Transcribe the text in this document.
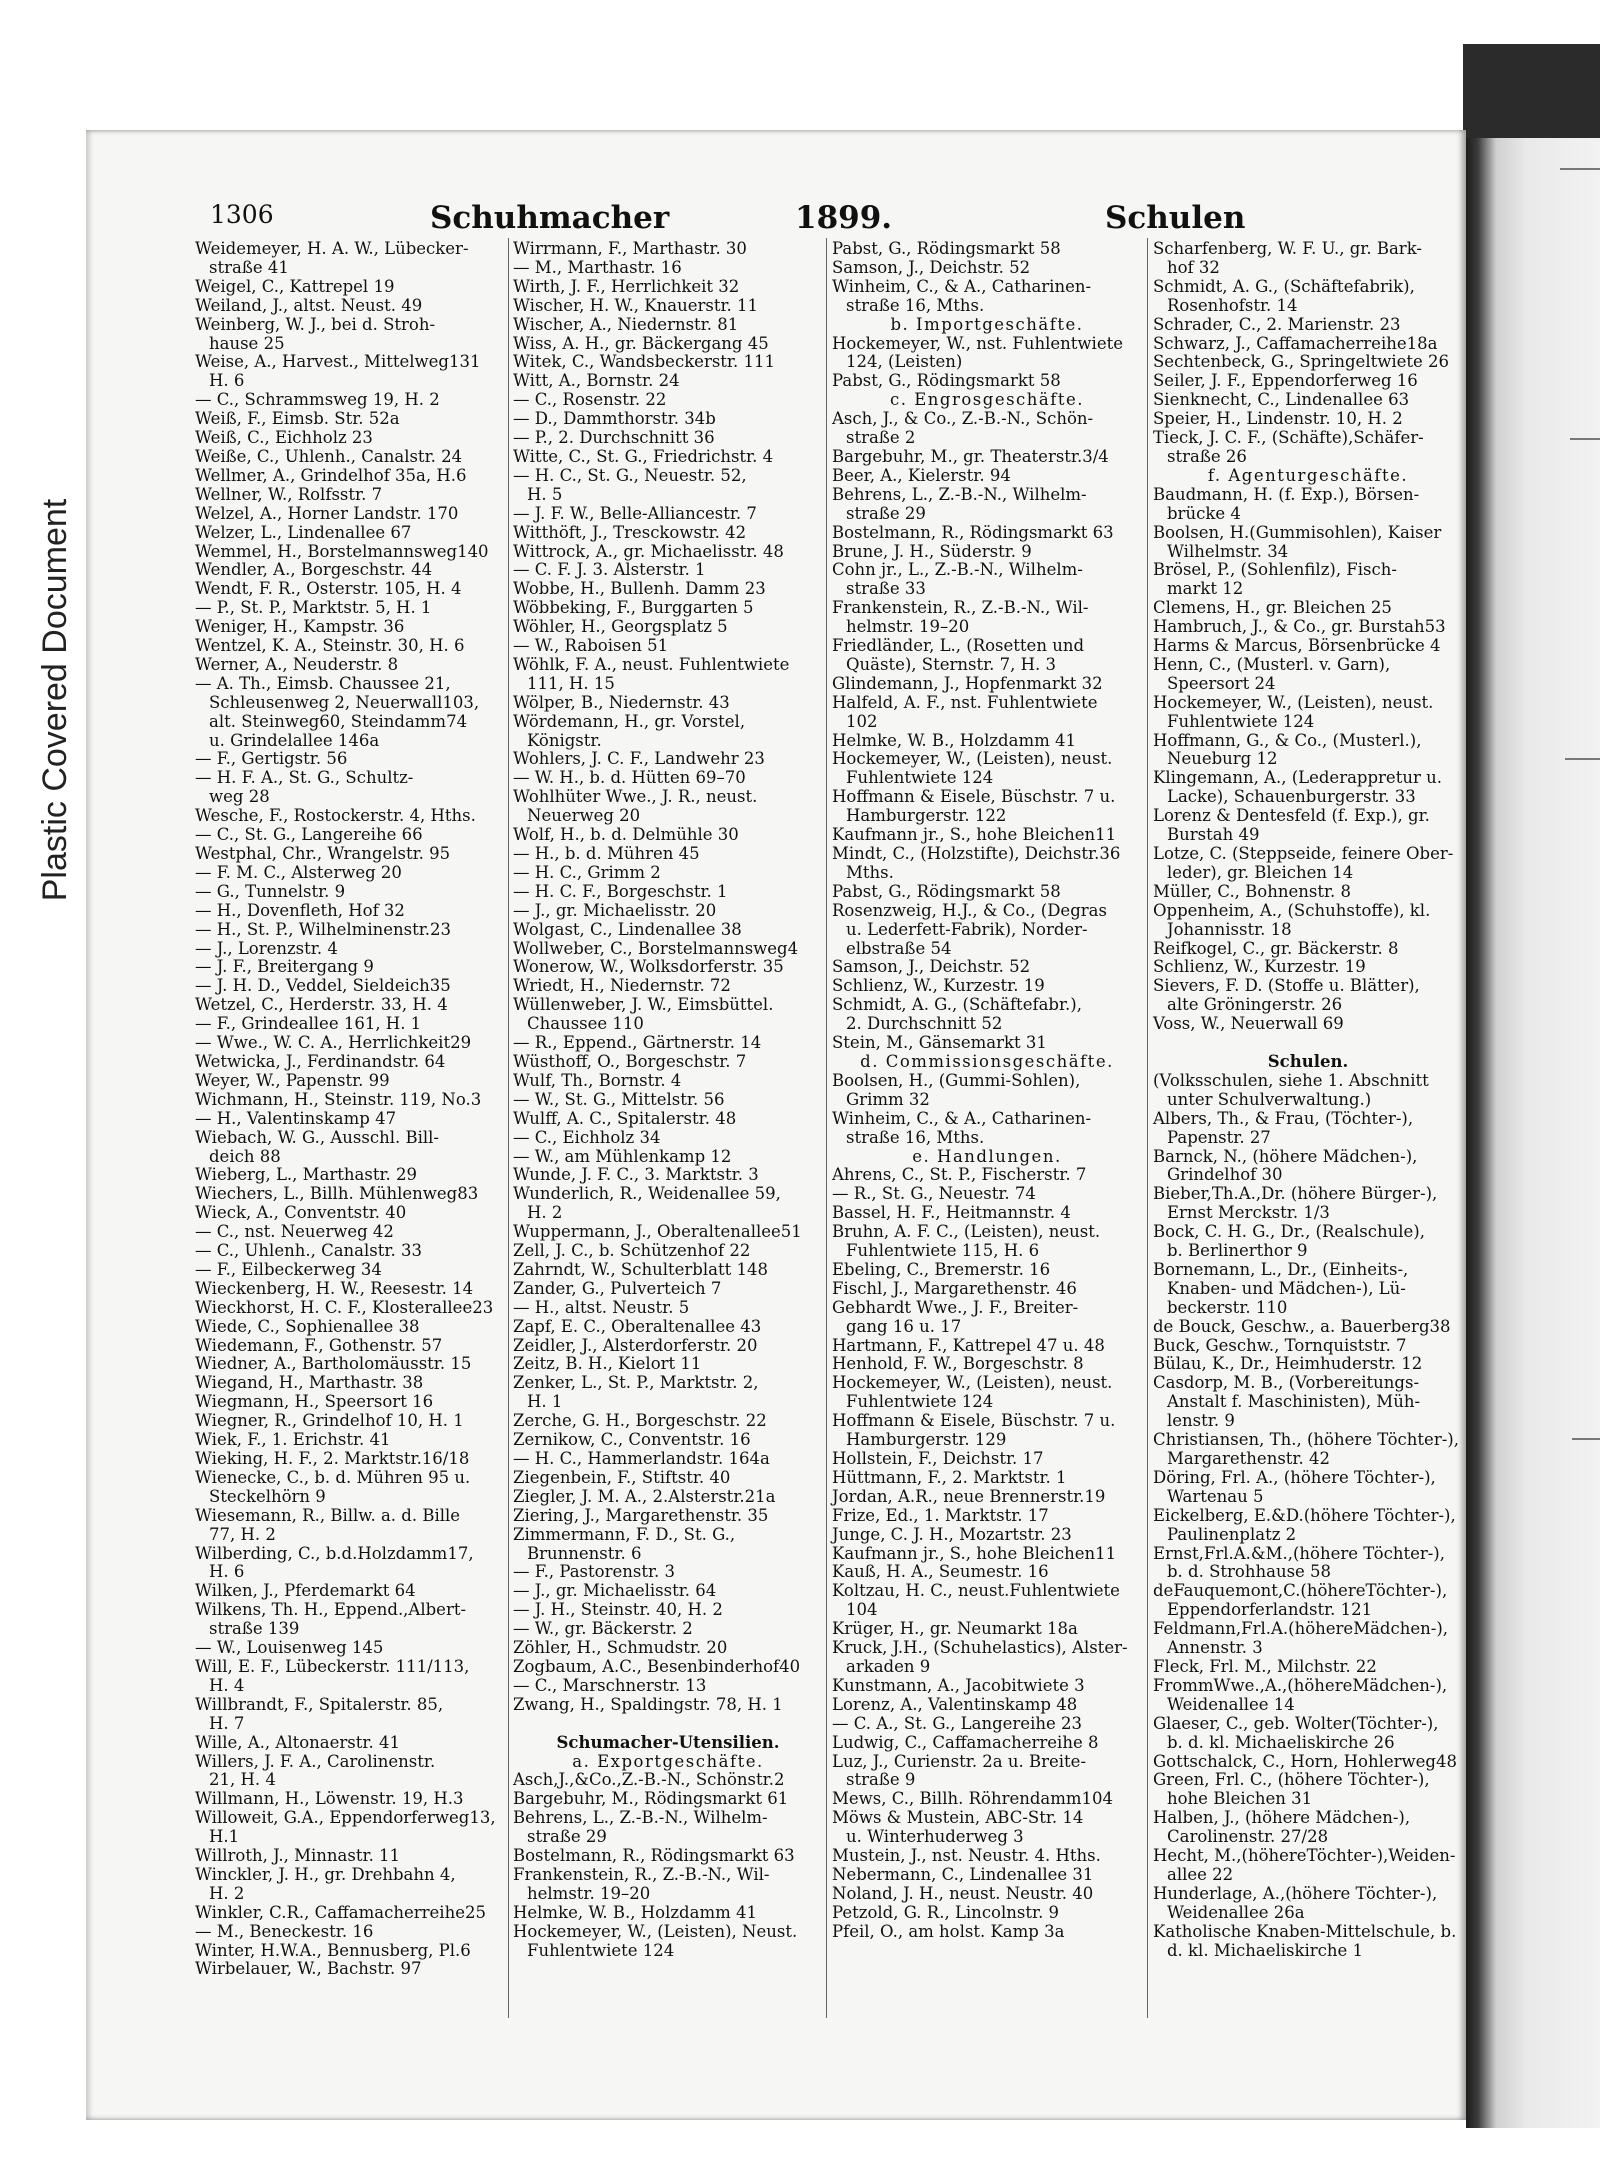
Plastic Covered Document
1306	Schuhmacher	1899.	Schulen
Weidemeyer, H. A. W., Lübecker-
straße 41
Weigel, C., Kattrepel 19
Weiland, J., altst. Neust. 49
Weinberg, W. J., bei d. Stroh-
hause 25
Weise, A., Harvest., Mittelweg131
H. 6
— C., Schrammsweg 19, H. 2
Weiß, F., Eimsb. Str. 52a
Weiß, C., Eichholz 23
Weiße, C., Uhlenh., Canalstr. 24
Wellmer, A., Grindelhof 35a, H.6
Wellner, W., Rolfsstr. 7
Welzel, A., Horner Landstr. 170
Welzer, L., Lindenallee 67
Wemmel, H., Borstelmannsweg140
Wendler, A., Borgeschstr. 44
Wendt, F. R., Osterstr. 105, H. 4
— P., St. P., Marktstr. 5, H. 1
Weniger, H., Kampstr. 36
Wentzel, K. A., Steinstr. 30, H. 6
Werner, A., Neuderstr. 8
— A. Th., Eimsb. Chaussee 21,
Schleusenweg 2, Neuerwall103,
alt. Steinweg60, Steindamm74
u. Grindelallee 146a
— F., Gertigstr. 56
— H. F. A., St. G., Schultz-
weg 28
Wesche, F., Rostockerstr. 4, Hths.
— C., St. G., Langereihe 66
Westphal, Chr., Wrangelstr. 95
— F. M. C., Alsterweg 20
— G., Tunnelstr. 9
— H., Dovenfleth, Hof 32
— H., St. P., Wilhelminenstr.23
— J., Lorenzstr. 4
— J. F., Breitergang 9
— J. H. D., Veddel, Sieldeich35
Wetzel, C., Herderstr. 33, H. 4
— F., Grindeallee 161, H. 1
— Wwe., W. C. A., Herrlichkeit29
Wetwicka, J., Ferdinandstr. 64
Weyer, W., Papenstr. 99
Wichmann, H., Steinstr. 119, No.3
— H., Valentinskamp 47
Wiebach, W. G., Ausschl. Bill-
deich 88
Wieberg, L., Marthastr. 29
Wiechers, L., Billh. Mühlenweg83
Wieck, A., Conventstr. 40
— C., nst. Neuerweg 42
— C., Uhlenh., Canalstr. 33
— F., Eilbeckerweg 34
Wieckenberg, H. W., Reesestr. 14
Wieckhorst, H. C. F., Klosterallee23
Wiede, C., Sophienallee 38
Wiedemann, F., Gothenstr. 57
Wiedner, A., Bartholomäusstr. 15
Wiegand, H., Marthastr. 38
Wiegmann, H., Speersort 16
Wiegner, R., Grindelhof 10, H. 1
Wiek, F., 1. Erichstr. 41
Wieking, H. F., 2. Marktstr.16/18
Wienecke, C., b. d. Mühren 95 u.
Steckelhörn 9
Wiesemann, R., Billw. a. d. Bille
77, H. 2
Wilberding, C., b.d.Holzdamm17,
H. 6
Wilken, J., Pferdemarkt 64
Wilkens, Th. H., Eppend.,Albert-
straße 139
— W., Louisenweg 145
Will, E. F., Lübeckerstr. 111/113,
H. 4
Willbrandt, F., Spitalerstr. 85,
H. 7
Wille, A., Altonaerstr. 41
Willers, J. F. A., Carolinenstr.
21, H. 4
Willmann, H., Löwenstr. 19, H.3
Willoweit, G.A., Eppendorferweg13,
H.1
Willroth, J., Minnastr. 11
Winckler, J. H., gr. Drehbahn 4,
H. 2
Winkler, C.R., Caffamacherreihe25
— M., Beneckestr. 16
Winter, H.W.A., Bennusberg, Pl.6
Wirbelauer, W., Bachstr. 97
Wirrmann, F., Marthastr. 30
— M., Marthastr. 16
Wirth, J. F., Herrlichkeit 32
Wischer, H. W., Knauerstr. 11
Wischer, A., Niedernstr. 81
Wiss, A. H., gr. Bäckergang 45
Witek, C., Wandsbeckerstr. 111
Witt, A., Bornstr. 24
— C., Rosenstr. 22
— D., Dammthorstr. 34b
— P., 2. Durchschnitt 36
Witte, C., St. G., Friedrichstr. 4
— H. C., St. G., Neuestr. 52,
H. 5
— J. F. W., Belle-Alliancestr. 7
Witthöft, J., Tresckowstr. 42
Wittrock, A., gr. Michaelisstr. 48
— C. F. J. 3. Alsterstr. 1
Wobbe, H., Bullenh. Damm 23
Wöbbeking, F., Burggarten 5
Wöhler, H., Georgsplatz 5
— W., Raboisen 51
Wöhlk, F. A., neust. Fuhlentwiete
111, H. 15
Wölper, B., Niedernstr. 43
Wördemann, H., gr. Vorstel,
Königstr.
Wohlers, J. C. F., Landwehr 23
— W. H., b. d. Hütten 69–70
Wohlhüter Wwe., J. R., neust.
Neuerweg 20
Wolf, H., b. d. Delmühle 30
— H., b. d. Mühren 45
— H. C., Grimm 2
— H. C. F., Borgeschstr. 1
— J., gr. Michaelisstr. 20
Wolgast, C., Lindenallee 38
Wollweber, C., Borstelmannsweg4
Wonerow, W., Wolksdorferstr. 35
Wriedt, H., Niedernstr. 72
Wüllenweber, J. W., Eimsbüttel.
Chaussee 110
— R., Eppend., Gärtnerstr. 14
Wüsthoff, O., Borgeschstr. 7
Wulf, Th., Bornstr. 4
— W., St. G., Mittelstr. 56
Wulff, A. C., Spitalerstr. 48
— C., Eichholz 34
— W., am Mühlenkamp 12
Wunde, J. F. C., 3. Marktstr. 3
Wunderlich, R., Weidenallee 59,
H. 2
Wuppermann, J., Oberaltenallee51
Zell, J. C., b. Schützenhof 22
Zahrndt, W., Schulterblatt 148
Zander, G., Pulverteich 7
— H., altst. Neustr. 5
Zapf, E. C., Oberaltenallee 43
Zeidler, J., Alsterdorferstr. 20
Zeitz, B. H., Kielort 11
Zenker, L., St. P., Marktstr. 2,
H. 1
Zerche, G. H., Borgeschstr. 22
Zernikow, C., Conventstr. 16
— H. C., Hammerlandstr. 164a
Ziegenbein, F., Stiftstr. 40
Ziegler, J. M. A., 2.Alsterstr.21a
Ziering, J., Margarethenstr. 35
Zimmermann, F. D., St. G.,
Brunnenstr. 6
— F., Pastorenstr. 3
— J., gr. Michaelisstr. 64
— J. H., Steinstr. 40, H. 2
— W., gr. Bäckerstr. 2
Zöhler, H., Schmudstr. 20
Zogbaum, A.C., Besenbinderhof40
— C., Marschnerstr. 13
Zwang, H., Spaldingstr. 78, H. 1

Schumacher-Utensilien.
a. Exportgeschäfte.
Asch,J.,&Co.,Z.-B.-N., Schönstr.2
Bargebuhr, M., Rödingsmarkt 61
Behrens, L., Z.-B.-N., Wilhelm-
straße 29
Bostelmann, R., Rödingsmarkt 63
Frankenstein, R., Z.-B.-N., Wil-
helmstr. 19–20
Helmke, W. B., Holzdamm 41
Hockemeyer, W., (Leisten), Neust.
Fuhlentwiete 124
Pabst, G., Rödingsmarkt 58
Samson, J., Deichstr. 52
Winheim, C., & A., Catharinen-
straße 16, Mths.
b. Importgeschäfte.
Hockemeyer, W., nst. Fuhlentwiete
124, (Leisten)
Pabst, G., Rödingsmarkt 58
c. Engrosgeschäfte.
Asch, J., & Co., Z.-B.-N., Schön-
straße 2
Bargebuhr, M., gr. Theaterstr.3/4
Beer, A., Kielerstr. 94
Behrens, L., Z.-B.-N., Wilhelm-
straße 29
Bostelmann, R., Rödingsmarkt 63
Brune, J. H., Süderstr. 9
Cohn jr., L., Z.-B.-N., Wilhelm-
straße 33
Frankenstein, R., Z.-B.-N., Wil-
helmstr. 19–20
Friedländer, L., (Rosetten und
Quäste), Sternstr. 7, H. 3
Glindemann, J., Hopfenmarkt 32
Halfeld, A. F., nst. Fuhlentwiete
102
Helmke, W. B., Holzdamm 41
Hockemeyer, W., (Leisten), neust.
Fuhlentwiete 124
Hoffmann & Eisele, Büschstr. 7 u.
Hamburgerstr. 122
Kaufmann jr., S., hohe Bleichen11
Mindt, C., (Holzstifte), Deichstr.36
Mths.
Pabst, G., Rödingsmarkt 58
Rosenzweig, H.J., & Co., (Degras
u. Lederfett-Fabrik), Norder-
elbstraße 54
Samson, J., Deichstr. 52
Schlienz, W., Kurzestr. 19
Schmidt, A. G., (Schäftefabr.),
2. Durchschnitt 52
Stein, M., Gänsemarkt 31
d. Commissionsgeschäfte.
Boolsen, H., (Gummi-Sohlen),
Grimm 32
Winheim, C., & A., Catharinen-
straße 16, Mths.
e. Handlungen.
Ahrens, C., St. P., Fischerstr. 7
— R., St. G., Neuestr. 74
Bassel, H. F., Heitmannstr. 4
Bruhn, A. F. C., (Leisten), neust.
Fuhlentwiete 115, H. 6
Ebeling, C., Bremerstr. 16
Fischl, J., Margarethenstr. 46
Gebhardt Wwe., J. F., Breiter-
gang 16 u. 17
Hartmann, F., Kattrepel 47 u. 48
Henhold, F. W., Borgeschstr. 8
Hockemeyer, W., (Leisten), neust.
Fuhlentwiete 124
Hoffmann & Eisele, Büschstr. 7 u.
Hamburgerstr. 129
Hollstein, F., Deichstr. 17
Hüttmann, F., 2. Marktstr. 1
Jordan, A.R., neue Brennerstr.19
Frize, Ed., 1. Marktstr. 17
Junge, C. J. H., Mozartstr. 23
Kaufmann jr., S., hohe Bleichen11
Kauß, H. A., Seumestr. 16
Koltzau, H. C., neust.Fuhlentwiete
104
Krüger, H., gr. Neumarkt 18a
Kruck, J.H., (Schuhelastics), Alster-
arkaden 9
Kunstmann, A., Jacobitwiete 3
Lorenz, A., Valentinskamp 48
— C. A., St. G., Langereihe 23
Ludwig, C., Caffamacherreihe 8
Luz, J., Curienstr. 2a u. Breite-
straße 9
Mews, C., Billh. Röhrendamm104
Möws & Mustein, ABC-Str. 14
u. Winterhuderweg 3
Mustein, J., nst. Neustr. 4. Hths.
Nebermann, C., Lindenallee 31
Noland, J. H., neust. Neustr. 40
Petzold, G. R., Lincolnstr. 9
Pfeil, O., am holst. Kamp 3a
Scharfenberg, W. F. U., gr. Bark-
hof 32
Schmidt, A. G., (Schäftefabrik),
Rosenhofstr. 14
Schrader, C., 2. Marienstr. 23
Schwarz, J., Caffamacherreihe18a
Sechtenbeck, G., Springeltwiete 26
Seiler, J. F., Eppendorferweg 16
Sienknecht, C., Lindenallee 63
Speier, H., Lindenstr. 10, H. 2
Tieck, J. C. F., (Schäfte),Schäfer-
straße 26
f. Agenturgeschäfte.
Baudmann, H. (f. Exp.), Börsen-
brücke 4
Boolsen, H.(Gummisohlen), Kaiser
Wilhelmstr. 34
Brösel, P., (Sohlenfilz), Fisch-
markt 12
Clemens, H., gr. Bleichen 25
Hambruch, J., & Co., gr. Burstah53
Harms & Marcus, Börsenbrücke 4
Henn, C., (Musterl. v. Garn),
Speersort 24
Hockemeyer, W., (Leisten), neust.
Fuhlentwiete 124
Hoffmann, G., & Co., (Musterl.),
Neueburg 12
Klingemann, A., (Lederappretur u.
Lacke), Schauenburgerstr. 33
Lorenz & Dentesfeld (f. Exp.), gr.
Burstah 49
Lotze, C. (Steppseide, feinere Ober-
leder), gr. Bleichen 14
Müller, C., Bohnenstr. 8
Oppenheim, A., (Schuhstoffe), kl.
Johannisstr. 18
Reifkogel, C., gr. Bäckerstr. 8
Schlienz, W., Kurzestr. 19
Sievers, F. D. (Stoffe u. Blätter),
alte Gröningerstr. 26
Voss, W., Neuerwall 69

Schulen.
(Volksschulen, siehe 1. Abschnitt
unter Schulverwaltung.)
Albers, Th., & Frau, (Töchter-),
Papenstr. 27
Barnck, N., (höhere Mädchen-),
Grindelhof 30
Bieber,Th.A.,Dr. (höhere Bürger-),
Ernst Merckstr. 1/3
Bock, C. H. G., Dr., (Realschule),
b. Berlinerthor 9
Bornemann, L., Dr., (Einheits-,
Knaben- und Mädchen-), Lü-
beckerstr. 110
de Bouck, Geschw., a. Bauerberg38
Buck, Geschw., Tornquiststr. 7
Bülau, K., Dr., Heimhuderstr. 12
Casdorp, M. B., (Vorbereitungs-
Anstalt f. Maschinisten), Müh-
lenstr. 9
Christiansen, Th., (höhere Töchter-),
Margarethenstr. 42
Döring, Frl. A., (höhere Töchter-),
Wartenau 5
Eickelberg, E.&D.(höhere Töchter-),
Paulinenplatz 2
Ernst,Frl.A.&M.,(höhere Töchter-),
b. d. Strohhause 58
deFauquemont,C.(höhereTöchter-),
Eppendorferlandstr. 121
Feldmann,Frl.A.(höhereMädchen-),
Annenstr. 3
Fleck, Frl. M., Milchstr. 22
FrommWwe.,A.,(höhereMädchen-),
Weidenallee 14
Glaeser, C., geb. Wolter(Töchter-),
b. d. kl. Michaeliskirche 26
Gottschalck, C., Horn, Hohlerweg48
Green, Frl. C., (höhere Töchter-),
hohe Bleichen 31
Halben, J., (höhere Mädchen-),
Carolinenstr. 27/28
Hecht, M.,(höhereTöchter-),Weiden-
allee 22
Hunderlage, A.,(höhere Töchter-),
Weidenallee 26a
Katholische Knaben-Mittelschule, b.
d. kl. Michaeliskirche 1
